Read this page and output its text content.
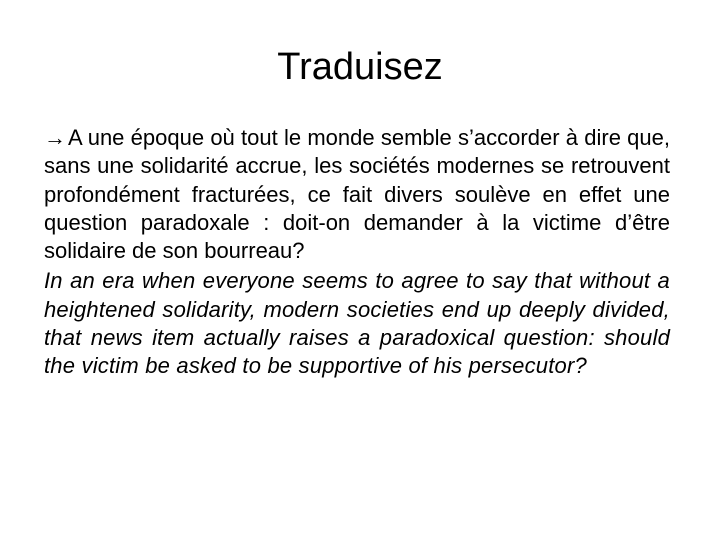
Traduisez

→A une époque où tout le monde semble s’accorder à dire que, sans une solidarité accrue, les sociétés modernes se retrouvent profondément fracturées, ce fait divers soulève en effet une question paradoxale : doit-on demander à la victime d’être solidaire de son bourreau?

In an era when everyone seems to agree to say that without a heightened solidarity, modern societies end up deeply divided, that news item actually raises a paradoxical question: should the victim be asked to be supportive of his persecutor?
